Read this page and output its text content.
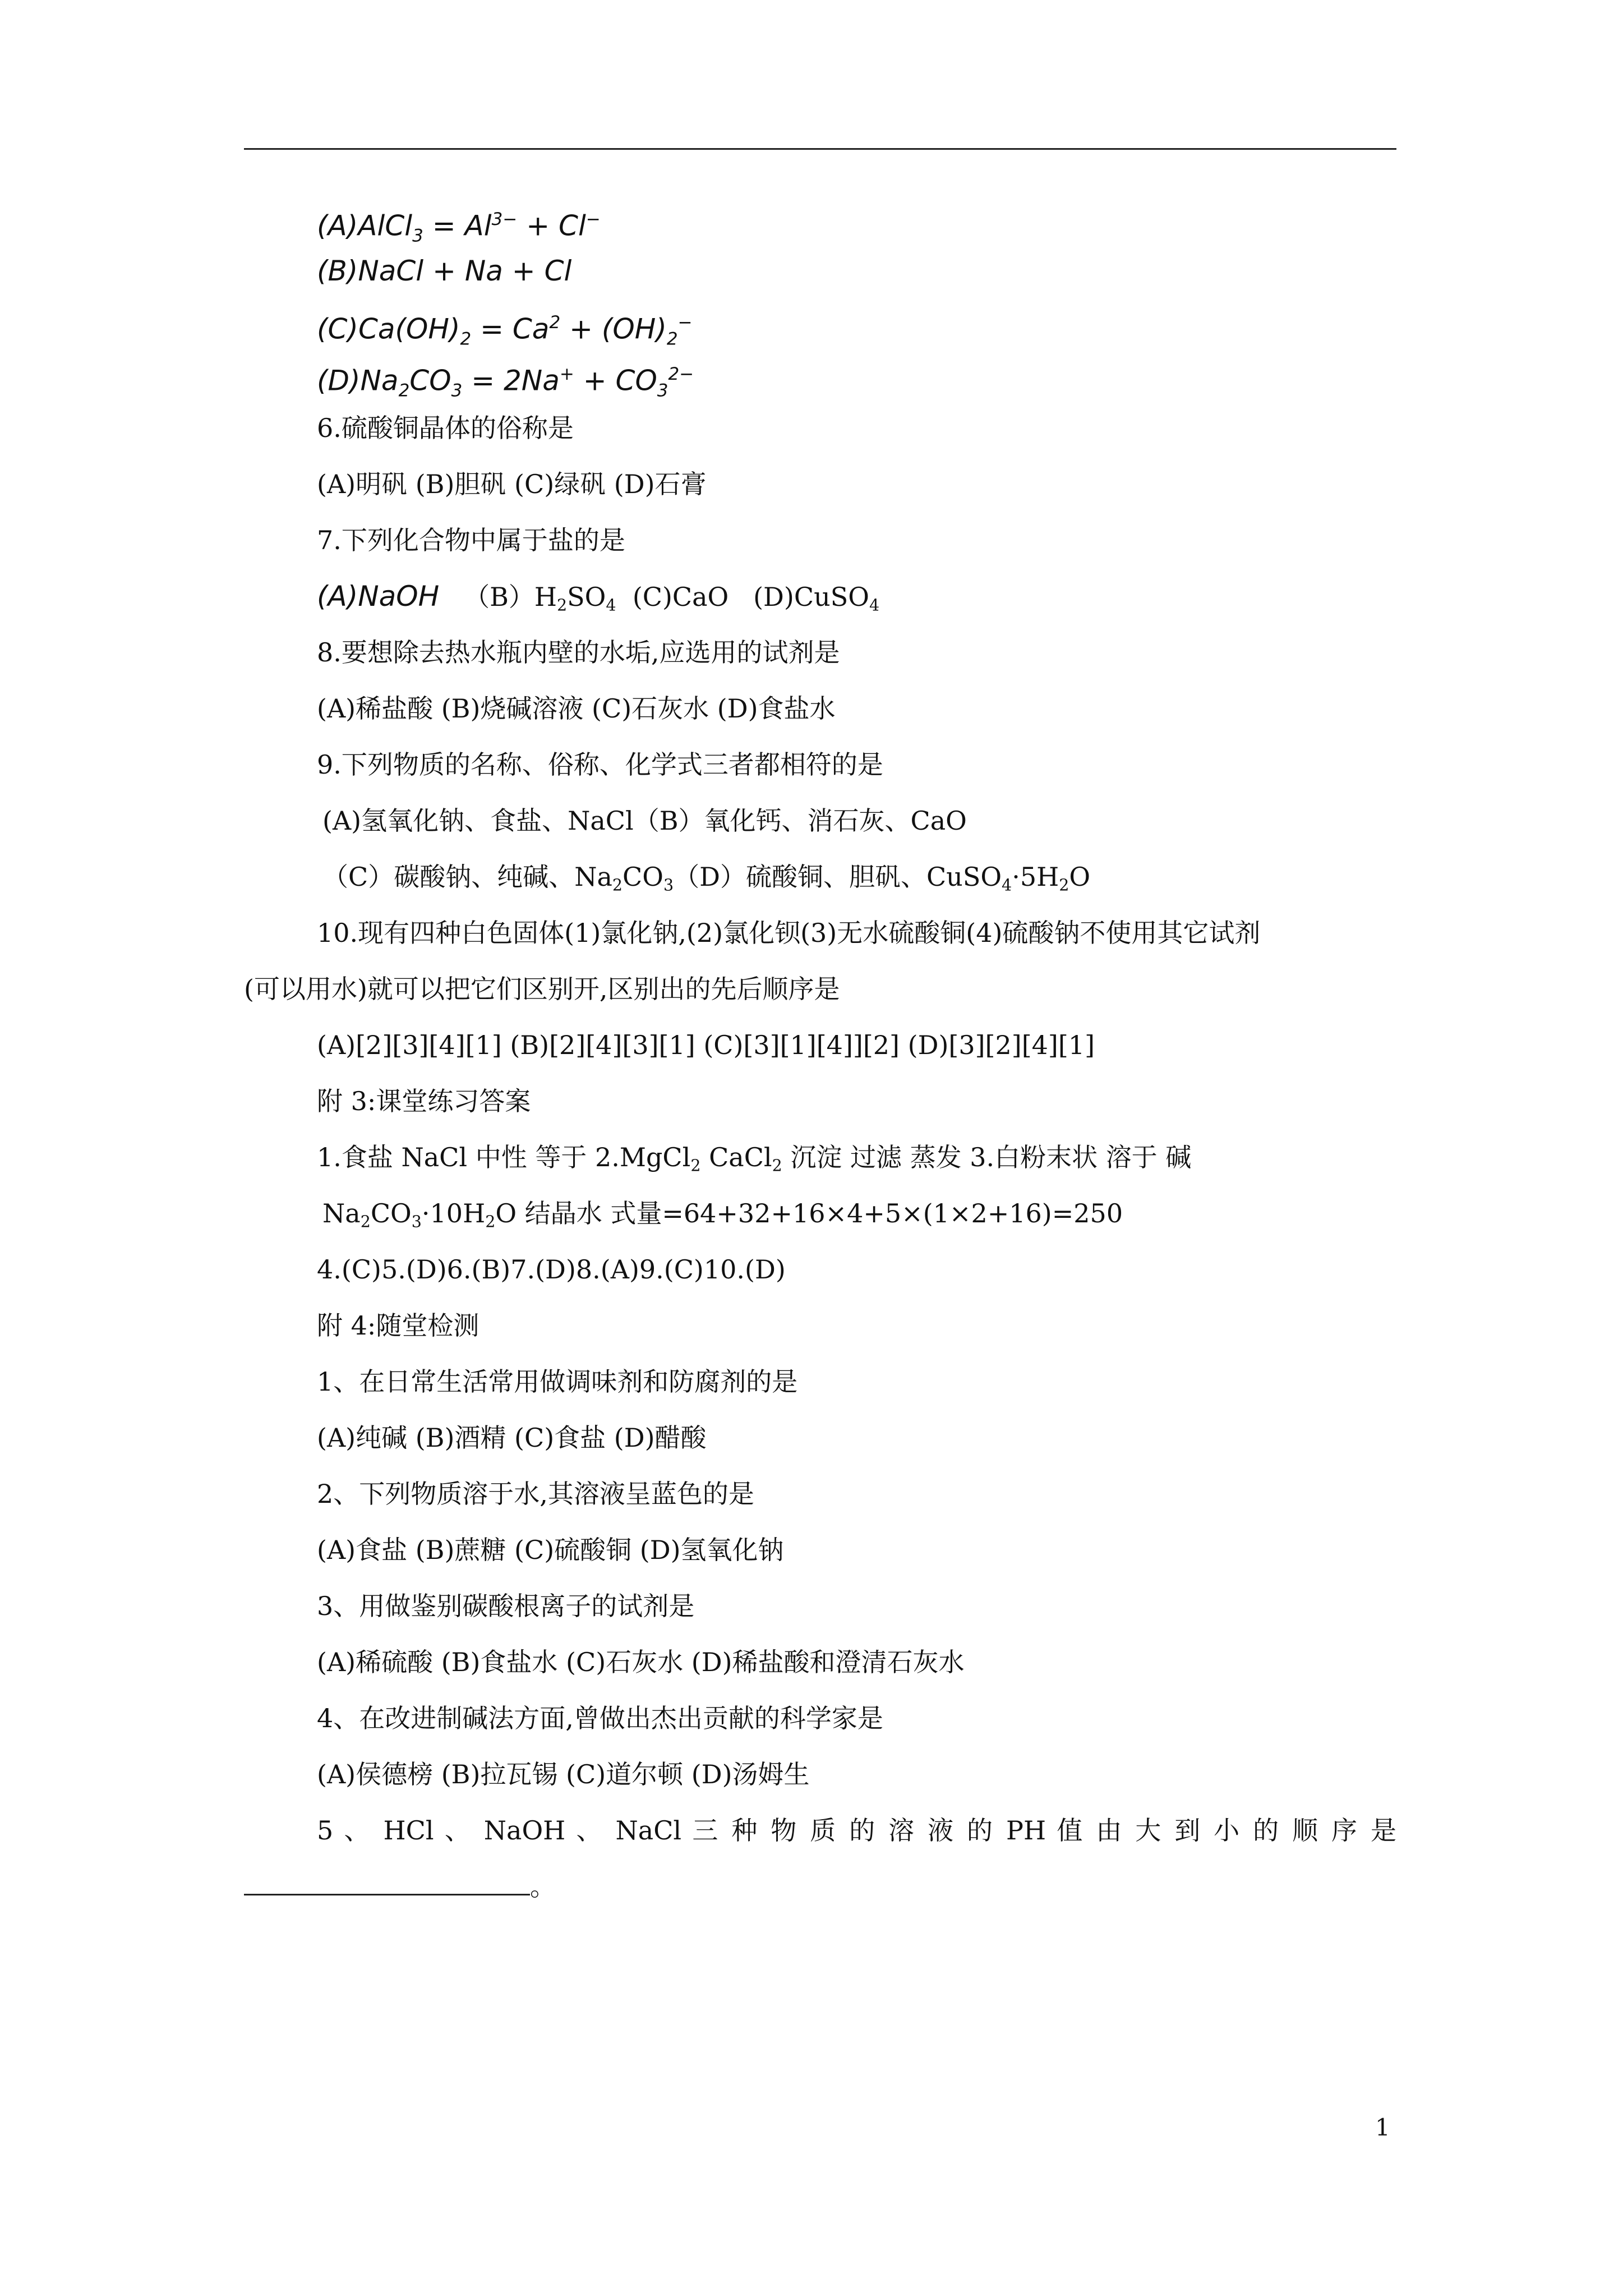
(A)AlCl$_3$ = $Al^{3-} + Cl^-$
(B)NaCl + Na + Cl
$(C)Ca(OH)_2 = Ca^2 + (OH)_2^-$
$(D)Na_2CO_3 = 2Na^+ + CO_3^{2-}$
6.硫酸铜晶体的俗称是
(A)明矾 (B)胆矾 (C)绿矾 (D)石膏
7.下列化合物中属于盐的是
(A)NaOH $(B)H_2SO_4$ (C)CaO (D)CuSO$_4$
8.要想除去热水瓶内壁的水垢,应选用的试剂是
(A)稀盐酸 (B)烧碱溶液 (C)石灰水 (D)食盐水
9.下列物质的名称、俗称、化学式三者都相符的是
(A)氢氧化钠、食盐、NaCl（B）氧化钙、消石灰、CaO
（C）碳酸钠、纯碱、$Na_2CO_3(D)$硫酸铜、胆矾、$CuSO_4\cdot 5H_2O$
10.现有四种白色固体(1)氯化钠,(2)氯化钡(3)无水硫酸铜(4)硫酸钠不使用其它试剂
(可以用水)就可以把它们区别开,区别出的先后顺序是
(A)[2][3][4][1] (B)[2][4][3][1] (C)[3][1][4]][2] (D)[3][2][4][1]
附 3:课堂练习答案
1.食盐 NaCl 中性 等于 2.MgCl$_2$ CaCl$_2$ 沉淀 过滤 蒸发 3.白粉末状 溶于 碱
$Na_2CO_3\cdot 10H_2O$ 结晶水 式量=64+32+16×4+5×(1×2+16)=250
4.(C)5.(D)6.(B)7.(D)8.(A)9.(C)10.(D)
附 4:随堂检测
1、在日常生活常用做调味剂和防腐剂的是
(A)纯碱 (B)酒精 (C)食盐 (D)醋酸
2、下列物质溶于水,其溶液呈蓝色的是
(A)食盐 (B)蔗糖 (C)硫酸铜 (D)氢氧化钠
3、用做鉴别碳酸根离子的试剂是
(A)稀硫酸 (B)食盐水 (C)石灰水 (D)稀盐酸和澄清石灰水
4、在改进制碱法方面,曾做出杰出贡献的科学家是
(A)侯德榜 (B)拉瓦锡 (C)道尔顿 (D)汤姆生
5 、 HCl 、 NaOH 、 NaCl 三 种 物 质 的 溶 液 的 PH 值 由 大 到 小 的 顺 序 是
。
1
